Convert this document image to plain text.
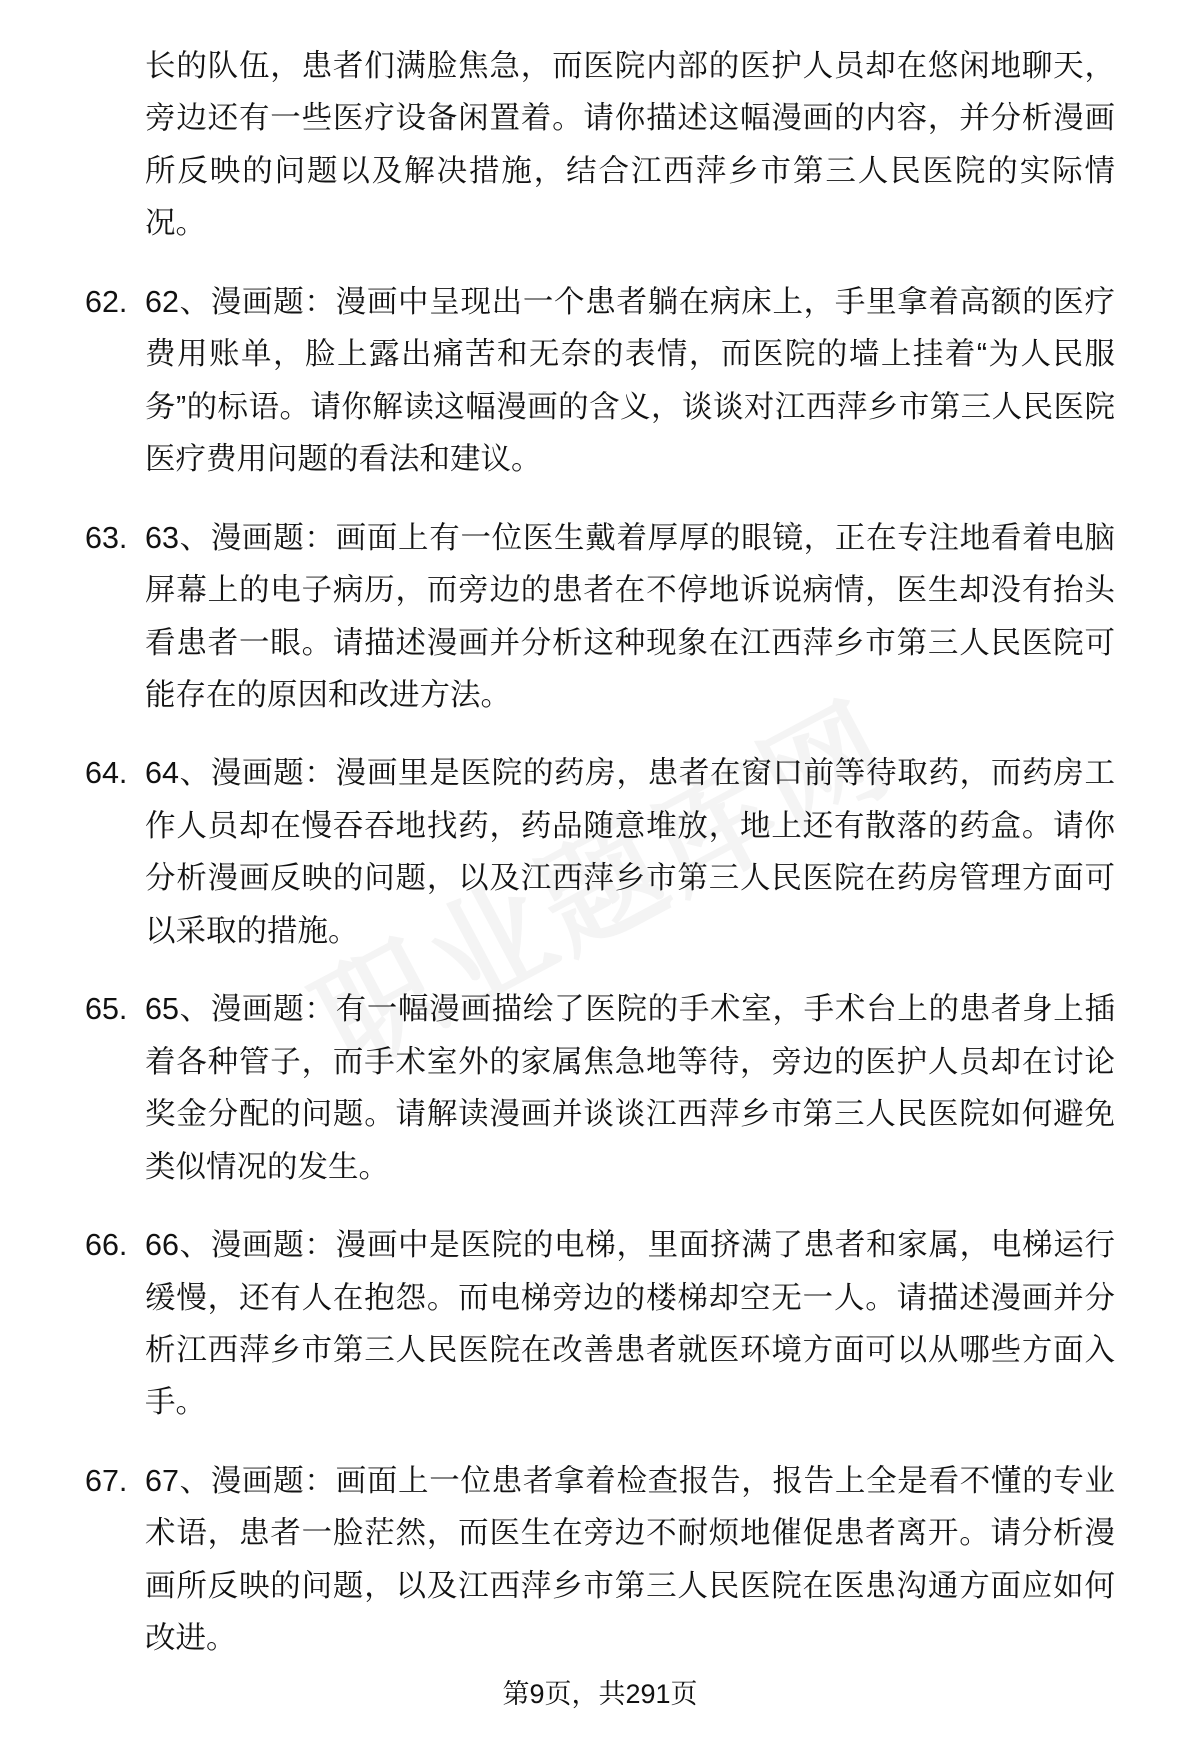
长的队伍，患者们满脸焦急，而医院内部的医护人员却在悠闲地聊天，旁边还有一些医疗设备闲置着。请你描述这幅漫画的内容，并分析漫画所反映的问题以及解决措施，结合江西萍乡市第三人民医院的实际情况。

62. 62、漫画题：漫画中呈现出一个患者躺在病床上，手里拿着高额的医疗费用账单，脸上露出痛苦和无奈的表情，而医院的墙上挂着“为人民服务”的标语。请你解读这幅漫画的含义，谈谈对江西萍乡市第三人民医院医疗费用问题的看法和建议。
63. 63、漫画题：画面上有一位医生戴着厚厚的眼镜，正在专注地看着电脑屏幕上的电子病历，而旁边的患者在不停地诉说病情，医生却没有抬头看患者一眼。请描述漫画并分析这种现象在江西萍乡市第三人民医院可能存在的原因和改进方法。
64. 64、漫画题：漫画里是医院的药房，患者在窗口前等待取药，而药房工作人员却在慢吞吞地找药，药品随意堆放，地上还有散落的药盒。请你分析漫画反映的问题，以及江西萍乡市第三人民医院在药房管理方面可以采取的措施。
65. 65、漫画题：有一幅漫画描绘了医院的手术室，手术台上的患者身上插着各种管子，而手术室外的家属焦急地等待，旁边的医护人员却在讨论奖金分配的问题。请解读漫画并谈谈江西萍乡市第三人民医院如何避免类似情况的发生。
66. 66、漫画题：漫画中是医院的电梯，里面挤满了患者和家属，电梯运行缓慢，还有人在抱怨。而电梯旁边的楼梯却空无一人。请描述漫画并分析江西萍乡市第三人民医院在改善患者就医环境方面可以从哪些方面入手。
67. 67、漫画题：画面上一位患者拿着检查报告，报告上全是看不懂的专业术语，患者一脸茫然，而医生在旁边不耐烦地催促患者离开。请分析漫画所反映的问题，以及江西萍乡市第三人民医院在医患沟通方面应如何改进。
第9页，共291页
